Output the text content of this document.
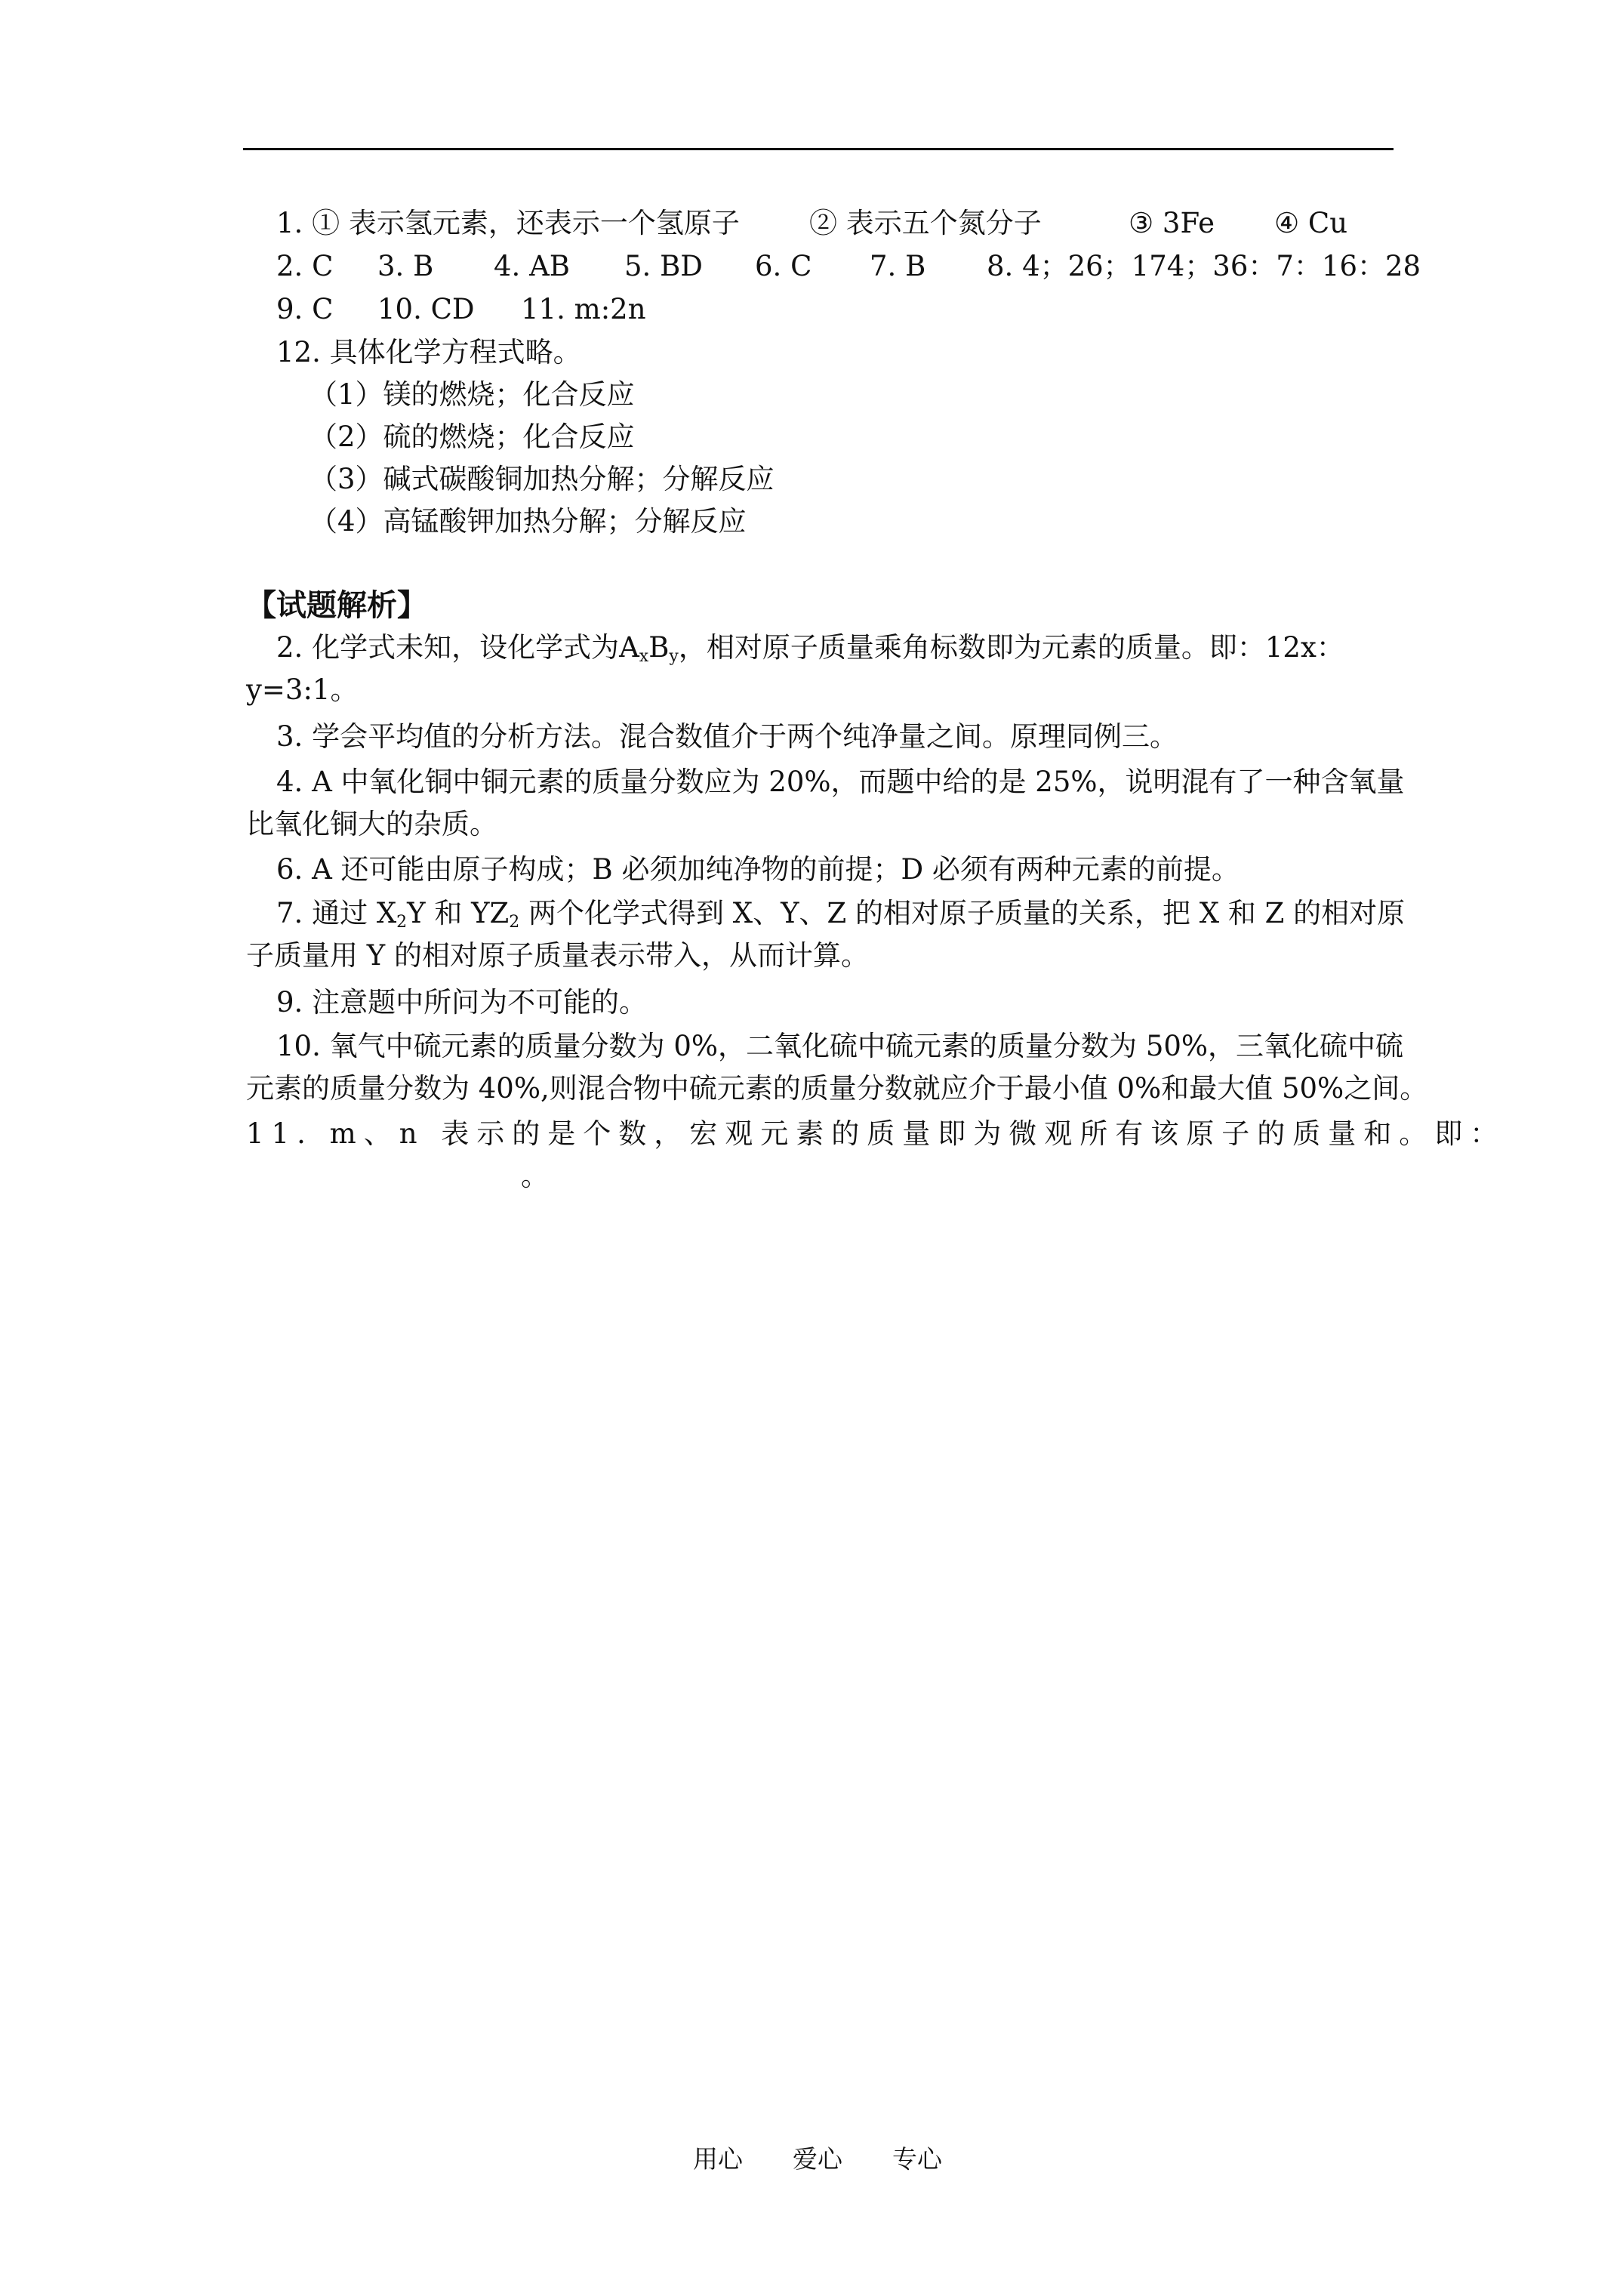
1. ① 表示氢元素，还表示一个氢原子 ② 表示五个氮分子	③ 3Fe ④ Cu
2. C 3. B 4. AB 5. BD 6. C 7. B 8. 4；26；174；36：7：16：28
9. C 10. CD 11. m:2n
12. 具体化学方程式略。
（1）镁的燃烧；化合反应
（2）硫的燃烧；化合反应
（3）碱式碳酸铜加热分解；分解反应
（4）高锰酸钾加热分解；分解反应
【试题解析】
2. 化学式未知，设化学式为$A_xB_y$，相对原子质量乘角标数即为元素的质量。即：12x：
y=3:1。
3. 学会平均值的分析方法。混合数值介于两个纯净量之间。原理同例三。
4. A 中氧化铜中铜元素的质量分数应为 20%，而题中给的是 25%，说明混有了一种含氧量
比氧化铜大的杂质。
6. A 还可能由原子构成；B 必须加纯净物的前提；D 必须有两种元素的前提。
7. 通过 $X_2Y$ 和 $YZ_2$ 两个化学式得到 X、Y、Z 的相对原子质量的关系，把 X 和 Z 的相对原
子质量用 Y 的相对原子质量表示带入，从而计算。
9. 注意题中所问为不可能的。
10. 氧气中硫元素的质量分数为 0%，二氧化硫中硫元素的质量分数为 50%，三氧化硫中硫
元素的质量分数为 40%,则混合物中硫元素的质量分数就应介于最小值 0%和最大值 50%之间。
11. m、n 表示的是个数，宏观元素的质量即为微观所有该原子的质量和。即：
。
用心 爱心 专心
